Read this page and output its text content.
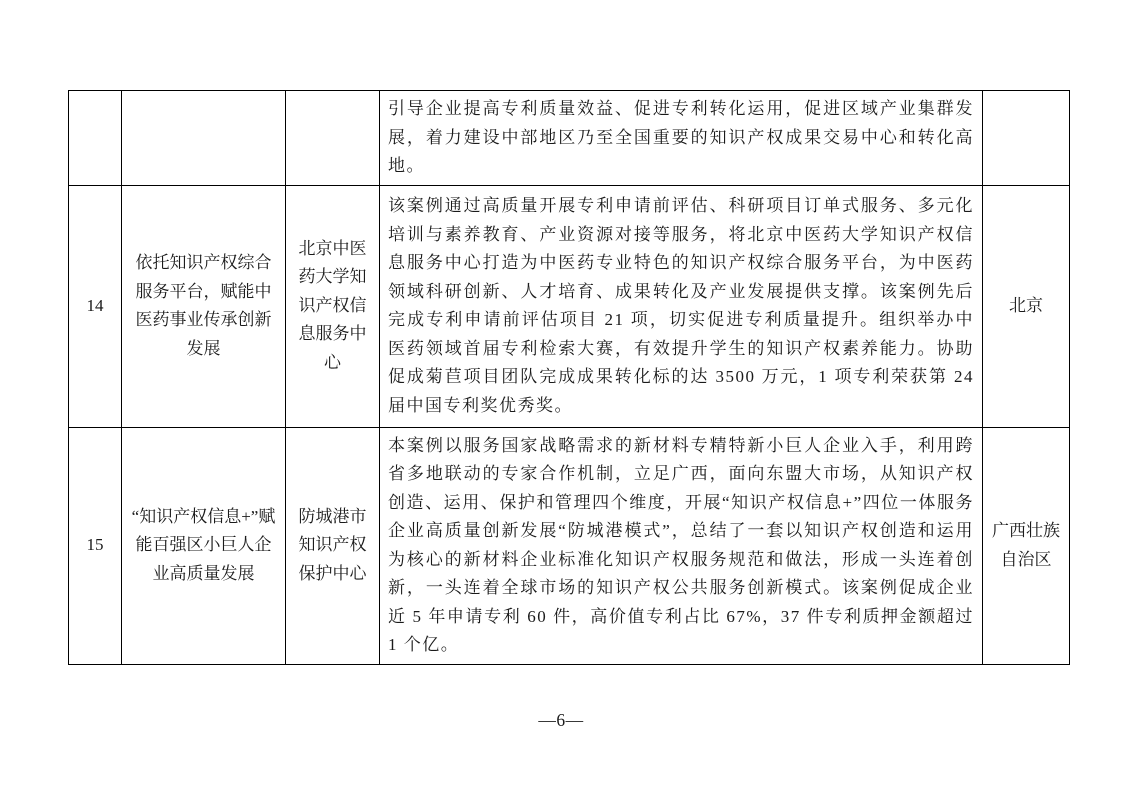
			引导企业提高专利质量效益、促进专利转化运用，促进区域产业集群发展，着力建设中部地区乃至全国重要的知识产权成果交易中心和转化高地。	
14	依托知识产权综合服务平台，赋能中医药事业传承创新发展	北京中医药大学知识产权信息服务中心	该案例通过高质量开展专利申请前评估、科研项目订单式服务、多元化培训与素养教育、产业资源对接等服务，将北京中医药大学知识产权信息服务中心打造为中医药专业特色的知识产权综合服务平台，为中医药领域科研创新、人才培育、成果转化及产业发展提供支撑。该案例先后完成专利申请前评估项目 21 项，切实促进专利质量提升。组织举办中医药领域首届专利检索大赛，有效提升学生的知识产权素养能力。协助促成菊苣项目团队完成成果转化标的达 3500 万元，1 项专利荣获第 24 届中国专利奖优秀奖。	北京
15	“知识产权信息+”赋能百强区小巨人企业高质量发展	防城港市知识产权保护中心	本案例以服务国家战略需求的新材料专精特新小巨人企业入手，利用跨省多地联动的专家合作机制，立足广西，面向东盟大市场，从知识产权创造、运用、保护和管理四个维度，开展“知识产权信息+”四位一体服务企业高质量创新发展“防城港模式”，总结了一套以知识产权创造和运用为核心的新材料企业标准化知识产权服务规范和做法，形成一头连着创新，一头连着全球市场的知识产权公共服务创新模式。该案例促成企业近 5 年申请专利 60 件，高价值专利占比 67%，37 件专利质押金额超过 1 个亿。	广西壮族自治区
—6—
